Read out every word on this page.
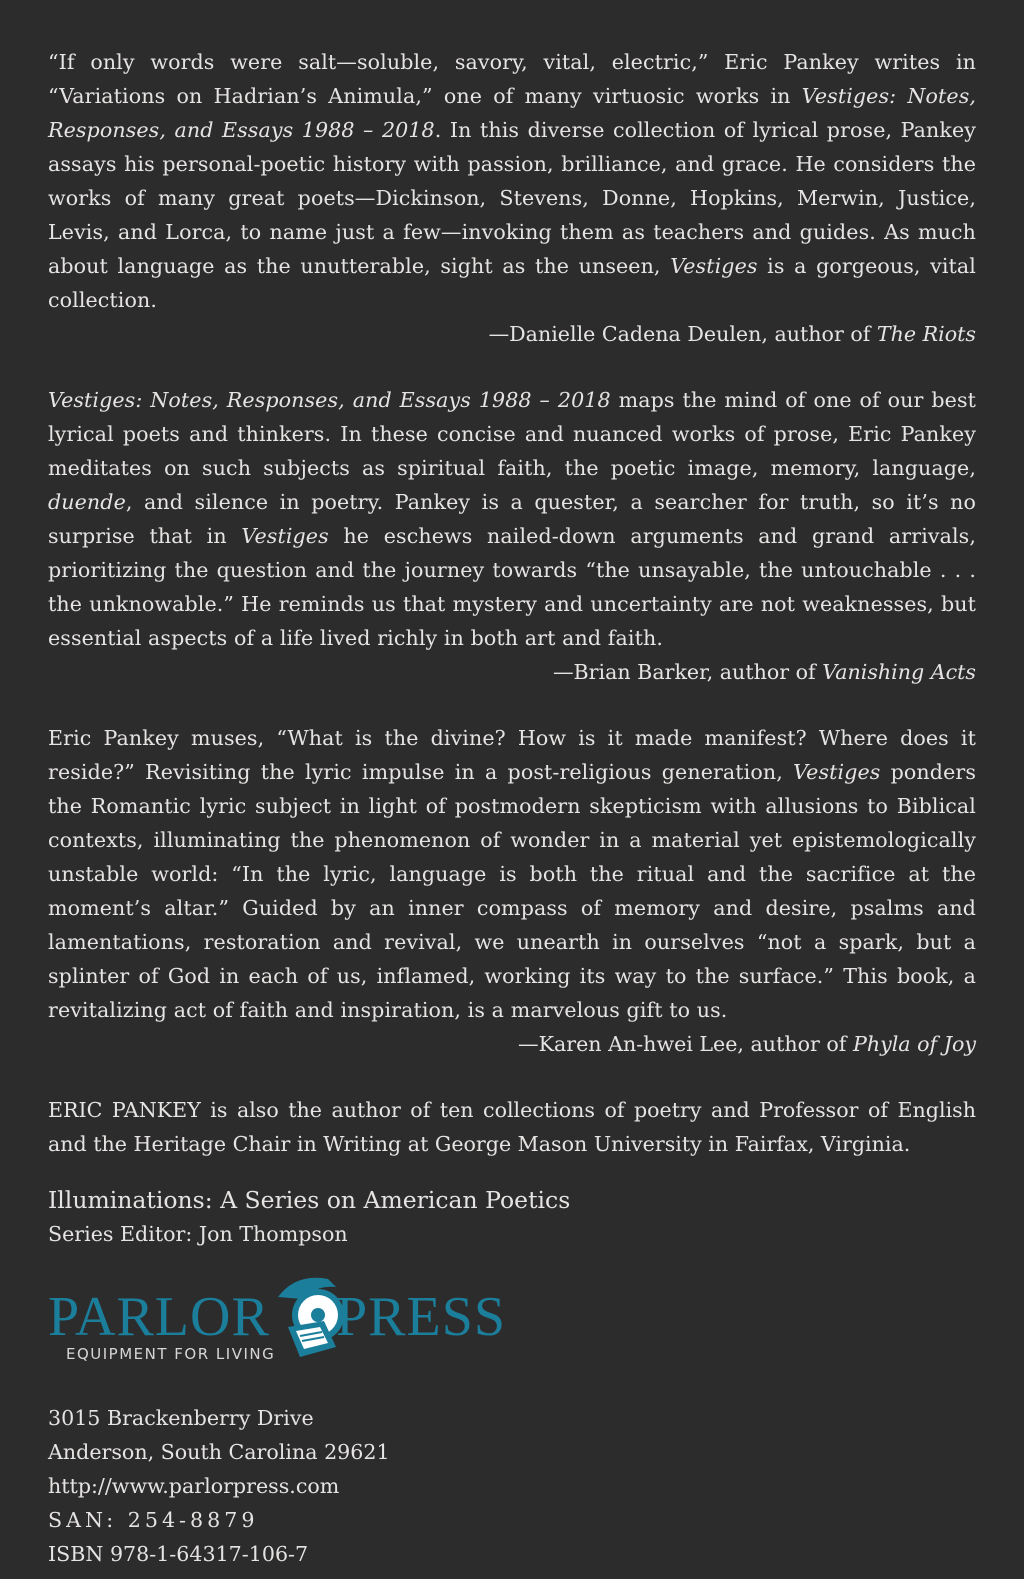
“If only words were salt—soluble, savory, vital, electric,” Eric Pankey writes in “Variations on Hadrian’s Animula,” one of many virtuosic works in Vestiges: Notes, Responses, and Essays 1988 – 2018. In this diverse collection of lyrical prose, Pankey assays his personal-poetic history with passion, brilliance, and grace. He considers the works of many great poets—Dickinson, Stevens, Donne, Hopkins, Merwin, Justice, Levis, and Lorca, to name just a few—invoking them as teachers and guides. As much about language as the unutterable, sight as the unseen, Vestiges is a gorgeous, vital collection.

—Danielle Cadena Deulen, author of The Riots

Vestiges: Notes, Responses, and Essays 1988 – 2018 maps the mind of one of our best lyrical poets and thinkers. In these concise and nuanced works of prose, Eric Pankey meditates on such subjects as spiritual faith, the poetic image, memory, language, duende, and silence in poetry. Pankey is a quester, a searcher for truth, so it’s no surprise that in Vestiges he eschews nailed-down arguments and grand arrivals, prioritizing the question and the journey towards “the unsayable, the untouchable . . . the unknowable.” He reminds us that mystery and uncertainty are not weaknesses, but essential aspects of a life lived richly in both art and faith.

—Brian Barker, author of Vanishing Acts

Eric Pankey muses, “What is the divine? How is it made manifest? Where does it reside?” Revisiting the lyric impulse in a post-religious generation, Vestiges ponders the Romantic lyric subject in light of postmodern skepticism with allusions to Biblical contexts, illuminating the phenomenon of wonder in a material yet epistemologically unstable world: “In the lyric, language is both the ritual and the sacrifice at the moment’s altar.” Guided by an inner compass of memory and desire, psalms and lamentations, restoration and revival, we unearth in ourselves “not a spark, but a splinter of God in each of us, inflamed, working its way to the surface.” This book, a revitalizing act of faith and inspiration, is a marvelous gift to us.

—Karen An-hwei Lee, author of Phyla of Joy

ERIC PANKEY is also the author of ten collections of poetry and Professor of English and the Heritage Chair in Writing at George Mason University in Fairfax, Virginia.

Illuminations: A Series on American Poetics
Series Editor: Jon Thompson
PARLOR PRESS
EQUIPMENT FOR LIVING
3015 Brackenberry Drive
Anderson, South Carolina 29621
http://www.parlorpress.com
SAN: 254-8879
ISBN 978-1-64317-106-7
